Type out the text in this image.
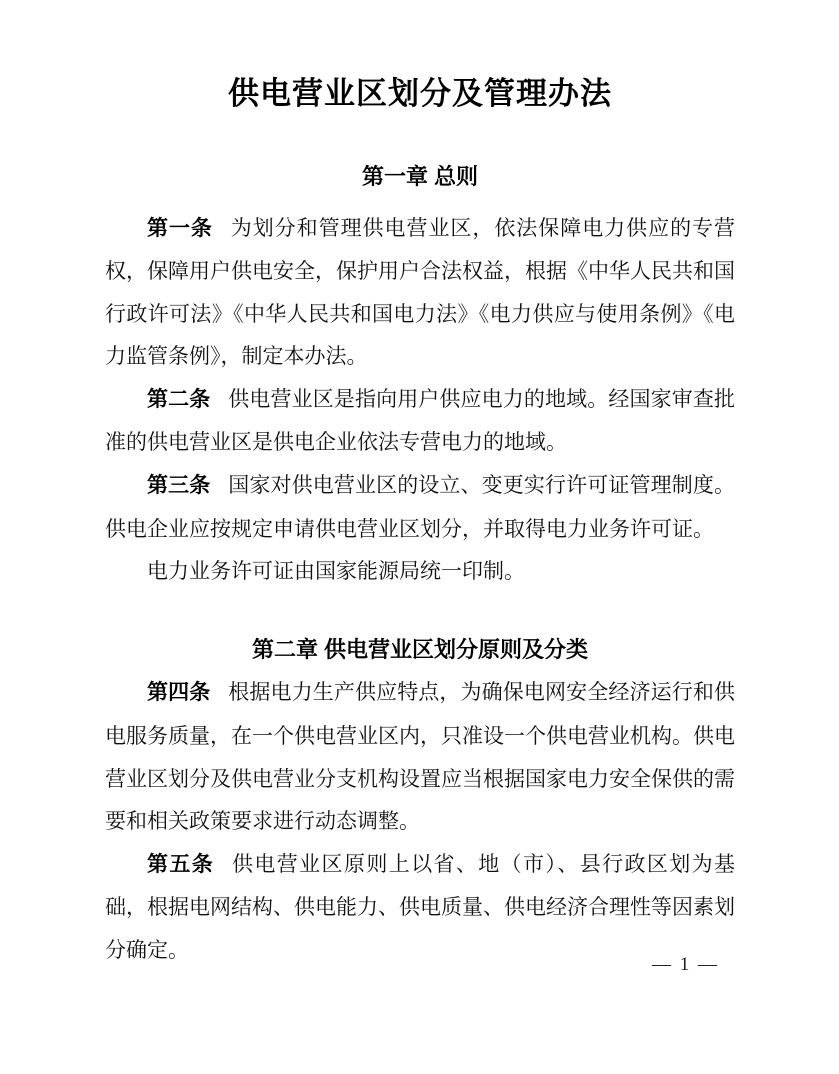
供电营业区划分及管理办法
第一章 总则

第一条 为划分和管理供电营业区，依法保障电力供应的专营权，保障用户供电安全，保护用户合法权益，根据《中华人民共和国行政许可法》《中华人民共和国电力法》《电力供应与使用条例》《电力监管条例》，制定本办法。

第二条 供电营业区是指向用户供应电力的地域。经国家审查批准的供电营业区是供电企业依法专营电力的地域。

第三条 国家对供电营业区的设立、变更实行许可证管理制度。供电企业应按规定申请供电营业区划分，并取得电力业务许可证。

电力业务许可证由国家能源局统一印制。

第二章 供电营业区划分原则及分类

第四条 根据电力生产供应特点，为确保电网安全经济运行和供电服务质量，在一个供电营业区内，只准设一个供电营业机构。供电营业区划分及供电营业分支机构设置应当根据国家电力安全保供的需要和相关政策要求进行动态调整。

第五条 供电营业区原则上以省、地（市）、县行政区划为基础，根据电网结构、供电能力、供电质量、供电经济合理性等因素划分确定。

— 1 —
